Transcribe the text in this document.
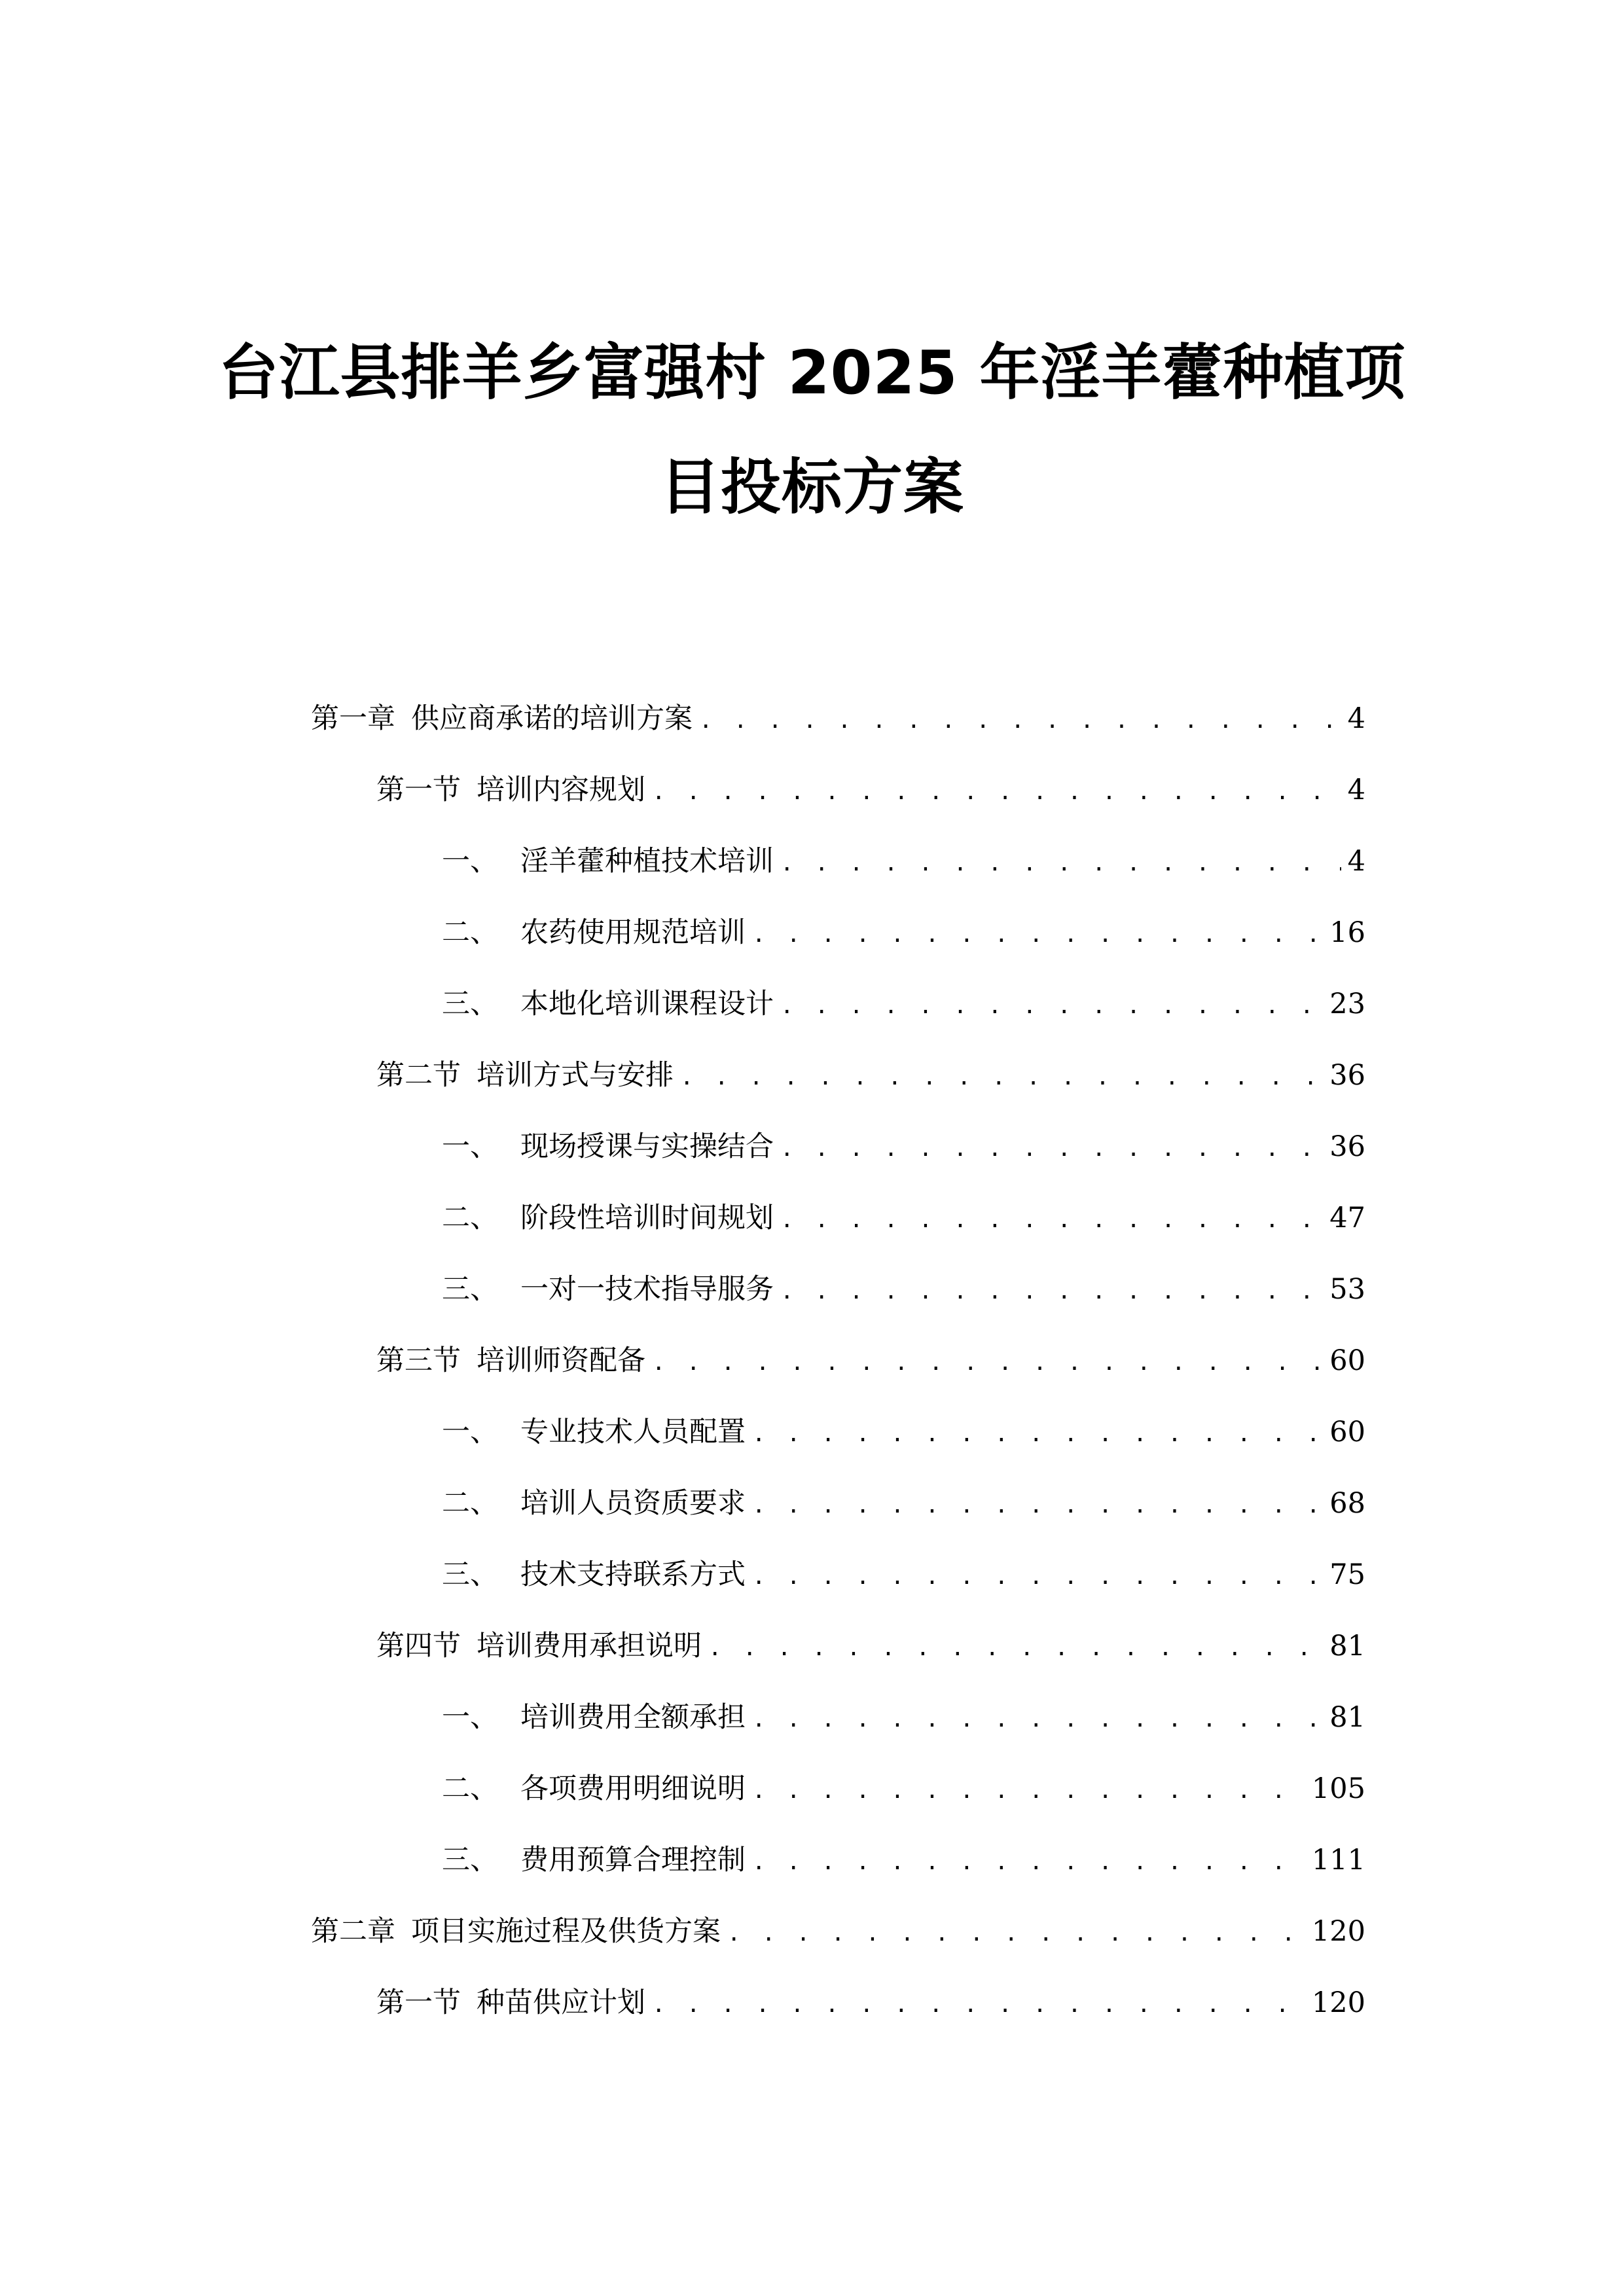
台江县排羊乡富强村 2025 年淫羊藿种植项
目投标方案
第一章 供应商承诺的培训方案 . . .	4
第一节 培训内容规划 . . .	4
一、 淫羊藿种植技术培训 . . .	4
二、 农药使用规范培训 . . .	16
三、 本地化培训课程设计 . . .	23
第二节 培训方式与安排 . . .	36
一、 现场授课与实操结合 . . .	36
二、 阶段性培训时间规划 . . .	47
三、 一对一技术指导服务 . . .	53
第三节 培训师资配备 . . .	60
一、 专业技术人员配置 . . .	60
二、 培训人员资质要求 . . .	68
三、 技术支持联系方式 . . .	75
第四节 培训费用承担说明 . . .	81
一、 培训费用全额承担 . . .	81
二、 各项费用明细说明 . . .	105
三、 费用预算合理控制 . . .	111
第二章 项目实施过程及供货方案 . . .	120
第一节 种苗供应计划 . . .	120
